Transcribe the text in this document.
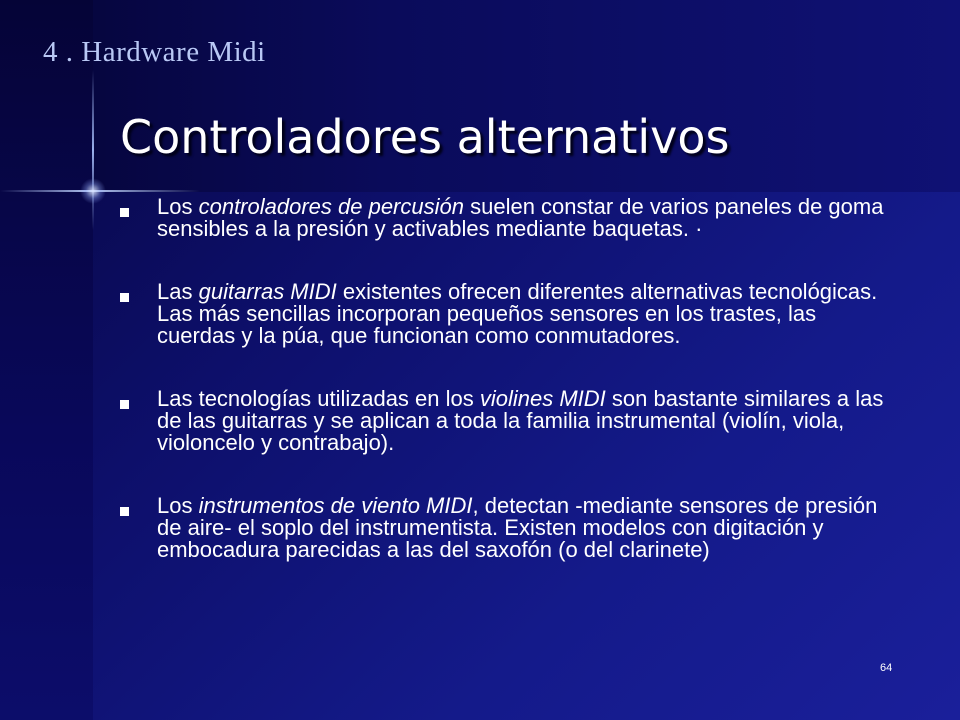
4 . Hardware Midi
Controladores alternativos
Los controladores de percusión suelen constar de varios paneles de goma sensibles a la presión y activables mediante baquetas. ·
Las guitarras MIDI existentes ofrecen diferentes alternativas tecnológicas. Las más sencillas incorporan pequeños sensores en los trastes, las cuerdas y la púa, que funcionan como conmutadores.
Las tecnologías utilizadas en los violines MIDI son bastante similares a las de las guitarras y se aplican a toda la familia instrumental (violín, viola, violoncelo y contrabajo).
Los instrumentos de viento MIDI, detectan -mediante sensores de presión de aire- el soplo del instrumentista. Existen modelos con digitación y embocadura parecidas a las del saxofón (o del clarinete)
64
